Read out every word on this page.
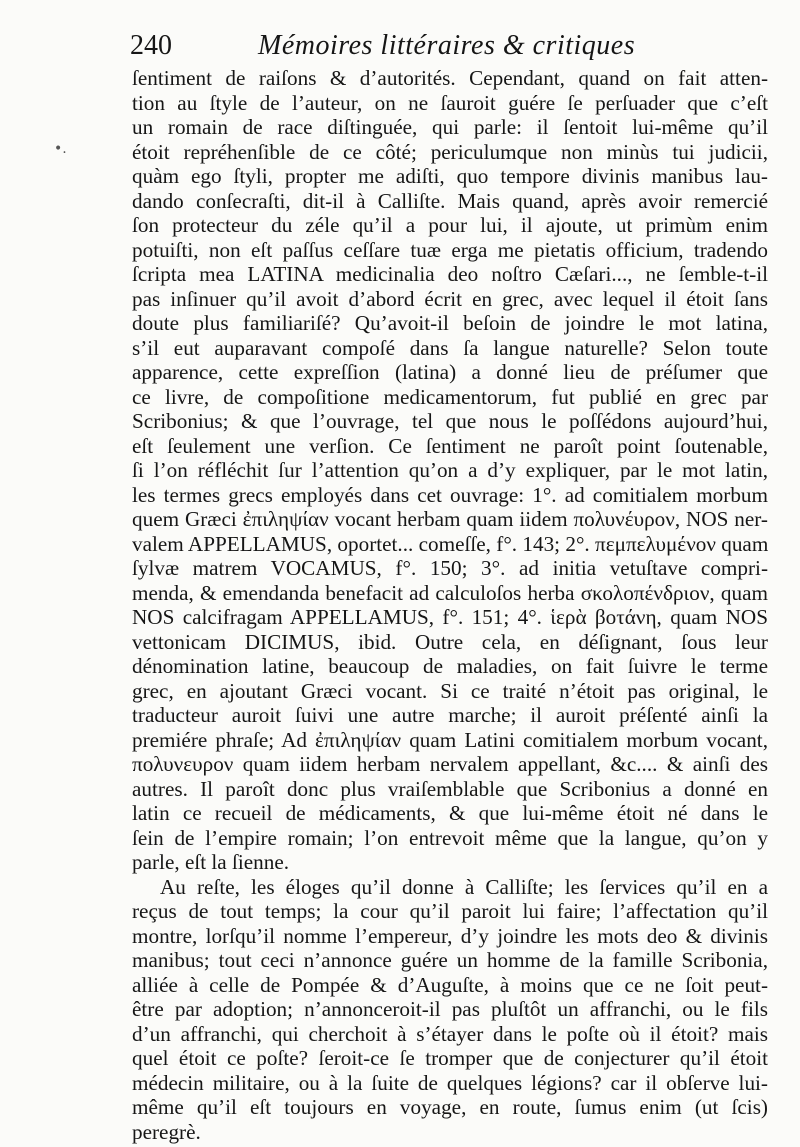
240	Mémoires littéraires & critiques
•.
ſentiment de raiſons & d’autorités. Cependant, quand on fait atten-
tion au ſtyle de l’auteur, on ne ſauroit guére ſe perſuader que c’eſt
un romain de race diſtinguée, qui parle: il ſentoit lui-même qu’il
étoit repréhenſible de ce côté; periculumque non minùs tui judicii,
quàm ego ſtyli, propter me adiſti, quo tempore divinis manibus lau-
dando conſecraſti, dit-il à Calliſte. Mais quand, après avoir remercié
ſon protecteur du zéle qu’il a pour lui, il ajoute, ut primùm enim
potuiſti, non eſt paſſus ceſſare tuæ erga me pietatis officium, tradendo
ſcripta mea LATINA medicinalia deo noſtro Cæſari..., ne ſemble-t-il
pas inſinuer qu’il avoit d’abord écrit en grec, avec lequel il étoit ſans
doute plus familiariſé? Qu’avoit-il beſoin de joindre le mot latina,
s’il eut auparavant compoſé dans ſa langue naturelle? Selon toute
apparence, cette expreſſion (latina) a donné lieu de préſumer que
ce livre, de compoſitione medicamentorum, fut publié en grec par
Scribonius; & que l’ouvrage, tel que nous le poſſédons aujourd’hui,
eſt ſeulement une verſion. Ce ſentiment ne paroît point ſoutenable,
ſi l’on réfléchit ſur l’attention qu’on a d’y expliquer, par le mot latin,
les termes grecs employés dans cet ouvrage: 1°. ad comitialem morbum
quem Græci ἐπιληψίαν vocant herbam quam iidem πολυνέυρον, NOS ner-
valem APPELLAMUS, oportet... comeſſe, f°. 143; 2°. πεμπελυμένον quam
ſylvæ matrem VOCAMUS, f°. 150; 3°. ad initia vetuſtave compri-
menda, & emendanda benefacit ad calculoſos herba σκολοπένδριον, quam
NOS calcifragam APPELLAMUS, f°. 151; 4°. ἱερὰ βοτάνη, quam NOS
vettonicam DICIMUS, ibid. Outre cela, en déſignant, ſous leur
dénomination latine, beaucoup de maladies, on fait ſuivre le terme
grec, en ajoutant Græci vocant. Si ce traité n’étoit pas original, le
traducteur auroit ſuivi une autre marche; il auroit préſenté ainſi la
premiére phraſe; Ad ἐπιληψίαν quam Latini comitialem morbum vocant,
πολυνευρον quam iidem herbam nervalem appellant, &c.... & ainſi des
autres. Il paroît donc plus vraiſemblable que Scribonius a donné en
latin ce recueil de médicaments, & que lui-même étoit né dans le
ſein de l’empire romain; l’on entrevoit même que la langue, qu’on y
parle, eſt la ſienne.
Au reſte, les éloges qu’il donne à Calliſte; les ſervices qu’il en a
reçus de tout temps; la cour qu’il paroit lui faire; l’affectation qu’il
montre, lorſqu’il nomme l’empereur, d’y joindre les mots deo & divinis
manibus; tout ceci n’annonce guére un homme de la famille Scribonia,
alliée à celle de Pompée & d’Auguſte, à moins que ce ne ſoit peut-
être par adoption; n’annonceroit-il pas pluſtôt un affranchi, ou le fils
d’un affranchi, qui cherchoit à s’étayer dans le poſte où il étoit? mais
quel étoit ce poſte? ſeroit-ce ſe tromper que de conjecturer qu’il étoit
médecin militaire, ou à la ſuite de quelques légions? car il obſerve lui-
même qu’il eſt toujours en voyage, en route, ſumus enim (ut ſcis)
peregrè.
